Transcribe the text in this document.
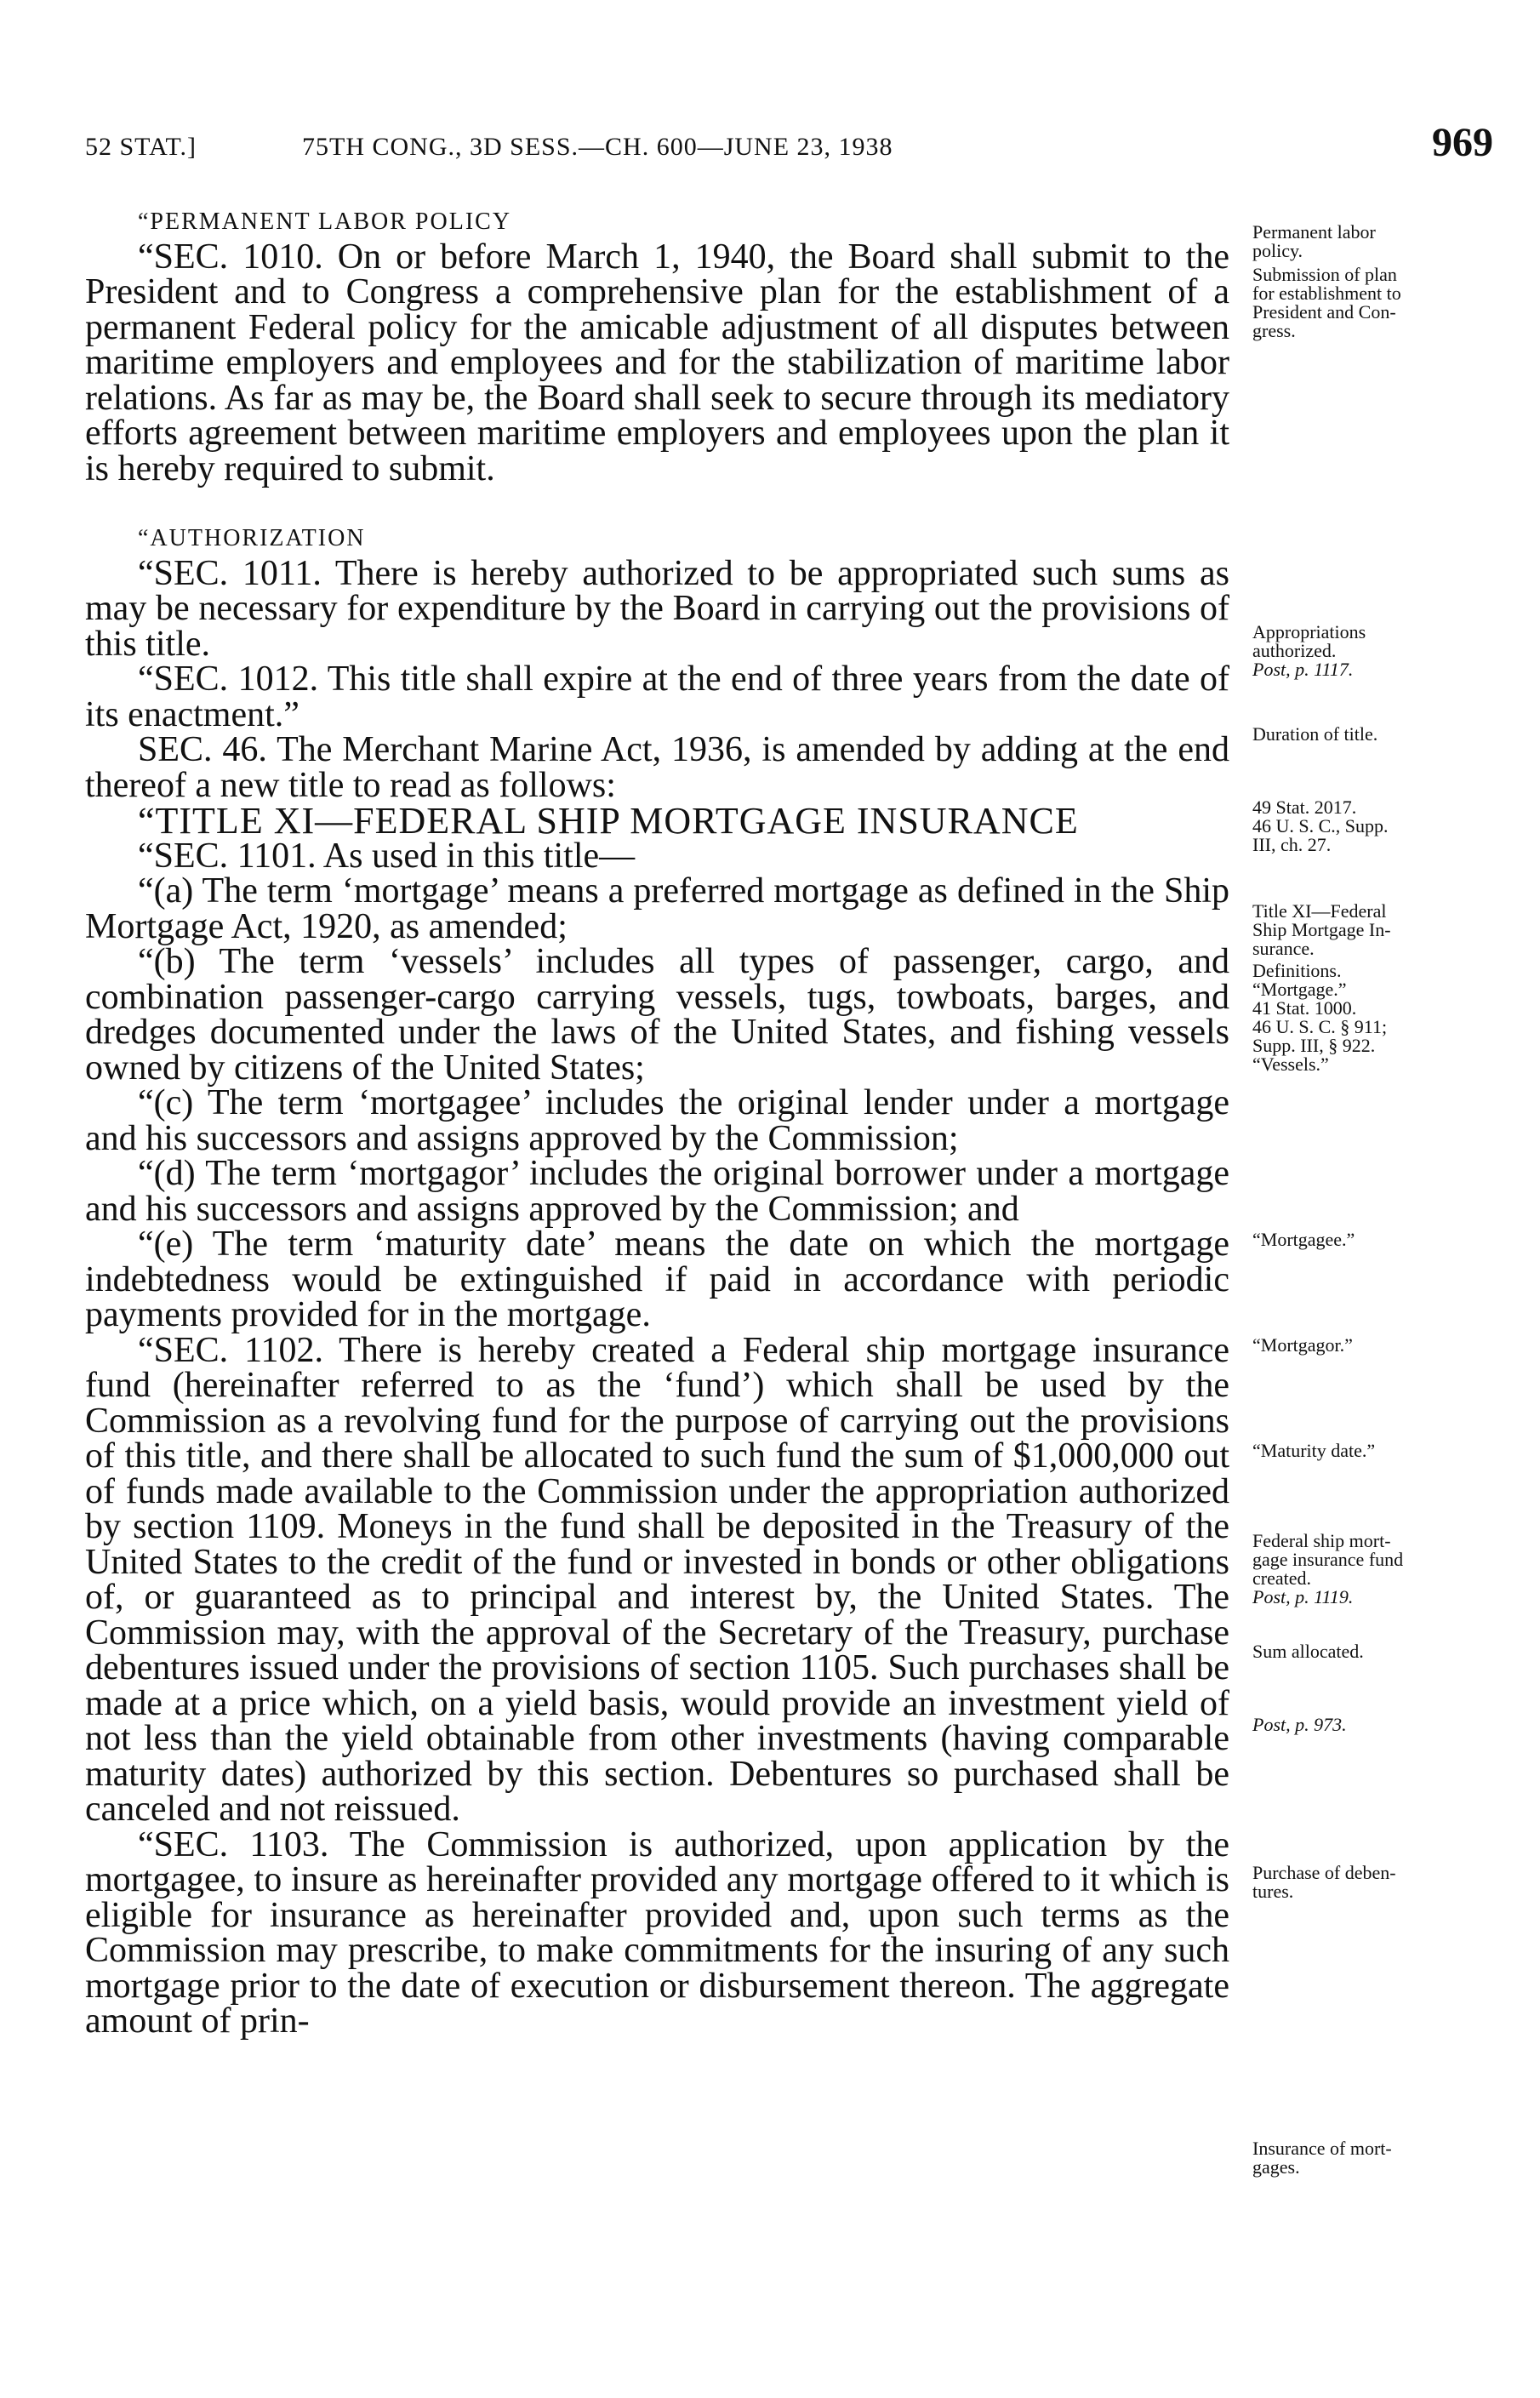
52 STAT.]	75TH CONG., 3D SESS.—CH. 600—JUNE 23, 1938	969

“PERMANENT LABOR POLICY

“SEC. 1010. On or before March 1, 1940, the Board shall submit to the President and to Congress a comprehensive plan for the establishment of a permanent Federal policy for the amicable adjustment of all disputes between maritime employers and employees and for the stabilization of maritime labor relations. As far as may be, the Board shall seek to secure through its mediatory efforts agreement between maritime employers and employees upon the plan it is hereby required to submit.

“AUTHORIZATION

“SEC. 1011. There is hereby authorized to be appropriated such sums as may be necessary for expenditure by the Board in carrying out the provisions of this title.

“SEC. 1012. This title shall expire at the end of three years from the date of its enactment.”

SEC. 46. The Merchant Marine Act, 1936, is amended by adding at the end thereof a new title to read as follows:

“TITLE XI—FEDERAL SHIP MORTGAGE INSURANCE

“SEC. 1101. As used in this title—

“(a) The term ‘mortgage’ means a preferred mortgage as defined in the Ship Mortgage Act, 1920, as amended;

“(b) The term ‘vessels’ includes all types of passenger, cargo, and combination passenger-cargo carrying vessels, tugs, towboats, barges, and dredges documented under the laws of the United States, and fishing vessels owned by citizens of the United States;

“(c) The term ‘mortgagee’ includes the original lender under a mortgage and his successors and assigns approved by the Commission;

“(d) The term ‘mortgagor’ includes the original borrower under a mortgage and his successors and assigns approved by the Commission; and

“(e) The term ‘maturity date’ means the date on which the mortgage indebtedness would be extinguished if paid in accordance with periodic payments provided for in the mortgage.

“SEC. 1102. There is hereby created a Federal ship mortgage insurance fund (hereinafter referred to as the ‘fund’) which shall be used by the Commission as a revolving fund for the purpose of carrying out the provisions of this title, and there shall be allocated to such fund the sum of $1,000,000 out of funds made available to the Commission under the appropriation authorized by section 1109. Moneys in the fund shall be deposited in the Treasury of the United States to the credit of the fund or invested in bonds or other obligations of, or guaranteed as to principal and interest by, the United States. The Commission may, with the approval of the Secretary of the Treasury, purchase debentures issued under the provisions of section 1105. Such purchases shall be made at a price which, on a yield basis, would provide an investment yield of not less than the yield obtainable from other investments (having comparable maturity dates) authorized by this section. Debentures so purchased shall be canceled and not reissued.

“SEC. 1103. The Commission is authorized, upon application by the mortgagee, to insure as hereinafter provided any mortgage offered to it which is eligible for insurance as hereinafter provided and, upon such terms as the Commission may prescribe, to make commitments for the insuring of any such mortgage prior to the date of execution or disbursement thereon. The aggregate amount of prin-

Permanent labor
policy.
Submission of plan
for establishment to
President and Con-
gress.
Appropriations
authorized.
Post, p. 1117.
Duration of title.
49 Stat. 2017.
46 U. S. C., Supp.
III, ch. 27.
Title XI—Federal
Ship Mortgage In-
surance.
Definitions.
“Mortgage.”
41 Stat. 1000.
46 U. S. C. § 911;
Supp. III, § 922.
“Vessels.”
“Mortgagee.”
“Mortgagor.”
“Maturity date.”
Federal ship mort-
gage insurance fund
created.
Post, p. 1119.
Sum allocated.
Post, p. 973.
Purchase of deben-
tures.
Insurance of mort-
gages.
